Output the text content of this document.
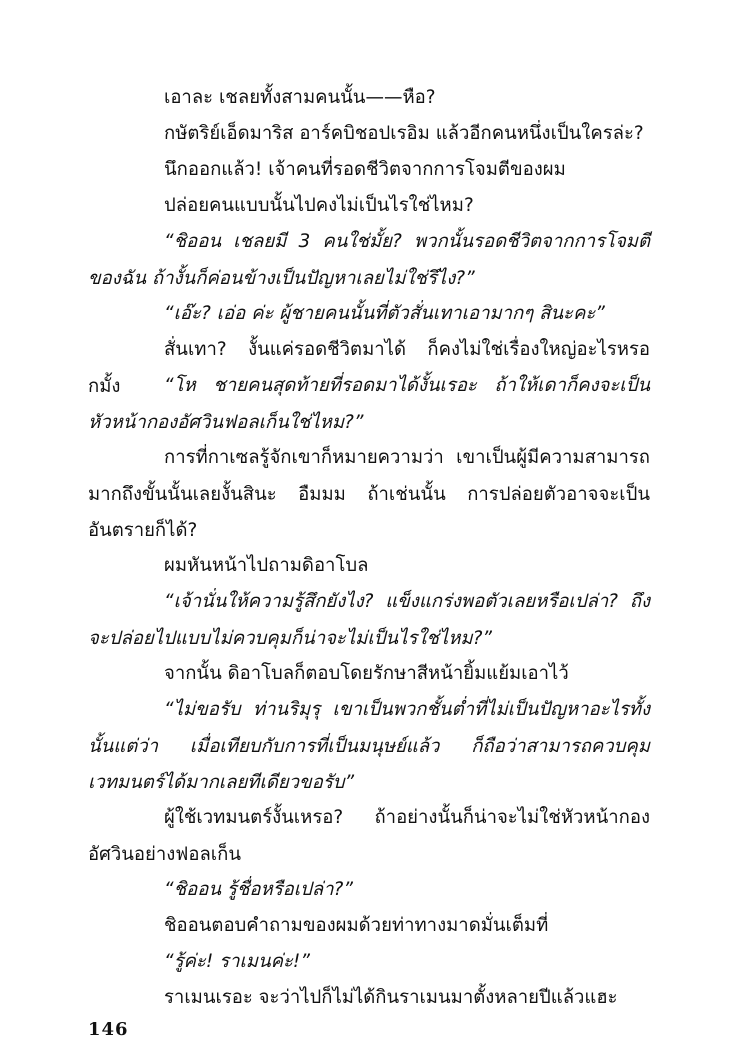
เอาละ เชลยทั้งสามคนนั้น——หือ?

กษัตริย์เอ็ดมาริส อาร์คบิชอปเรอิม แล้วอีกคนหนึ่งเป็นใครล่ะ?

นึกออกแล้ว! เจ้าคนที่รอดชีวิตจากการโจมตีของผม

ปล่อยคนแบบนั้นไปคงไม่เป็นไรใช่ไหม?

“ชิออน เชลยมี 3 คนใช่มั้ย? พวกนั้นรอดชีวิตจากการโจมตีของฉัน ถ้างั้นก็ค่อนข้างเป็นปัญหาเลยไม่ใช่รึไง?”

“เอ๊ะ? เอ่อ ค่ะ ผู้ชายคนนั้นที่ตัวสั่นเทาเอามากๆ สินะคะ”

สั่นเทา? งั้นแค่รอดชีวิตมาได้ ก็คงไม่ใช่เรื่องใหญ่อะไรหรอกมั้ง	“โห ชายคนสุดท้ายที่รอดมาได้งั้นเรอะ ถ้าให้เดาก็คงจะเป็นหัวหน้ากองอัศวินฟอลเก็นใช่ไหม?”

การที่กาเซลรู้จักเขาก็หมายความว่า เขาเป็นผู้มีความสามารถมากถึงขั้นนั้นเลยงั้นสินะ อืมมม ถ้าเช่นนั้น การปล่อยตัวอาจจะเป็นอันตรายก็ได้?

ผมหันหน้าไปถามดิอาโบล

“เจ้านั่นให้ความรู้สึกยังไง? แข็งแกร่งพอตัวเลยหรือเปล่า? ถึงจะปล่อยไปแบบไม่ควบคุมก็น่าจะไม่เป็นไรใช่ไหม?”

จากนั้น ดิอาโบลก็ตอบโดยรักษาสีหน้ายิ้มแย้มเอาไว้

“ไม่ขอรับ ท่านริมุรุ เขาเป็นพวกชั้นต่ำที่ไม่เป็นปัญหาอะไรทั้งนั้นแต่ว่า เมื่อเทียบกับการที่เป็นมนุษย์แล้ว ก็ถือว่าสามารถควบคุมเวทมนตร์ได้มากเลยทีเดียวขอรับ”

ผู้ใช้เวทมนตร์งั้นเหรอ? ถ้าอย่างนั้นก็น่าจะไม่ใช่หัวหน้ากองอัศวินอย่างฟอลเก็น

“ชิออน รู้ชื่อหรือเปล่า?”

ชิออนตอบคำถามของผมด้วยท่าทางมาดมั่นเต็มที่

“รู้ค่ะ! ราเมนค่ะ!”

ราเมนเรอะ จะว่าไปก็ไม่ได้กินราเมนมาตั้งหลายปีแล้วแฮะ

146
